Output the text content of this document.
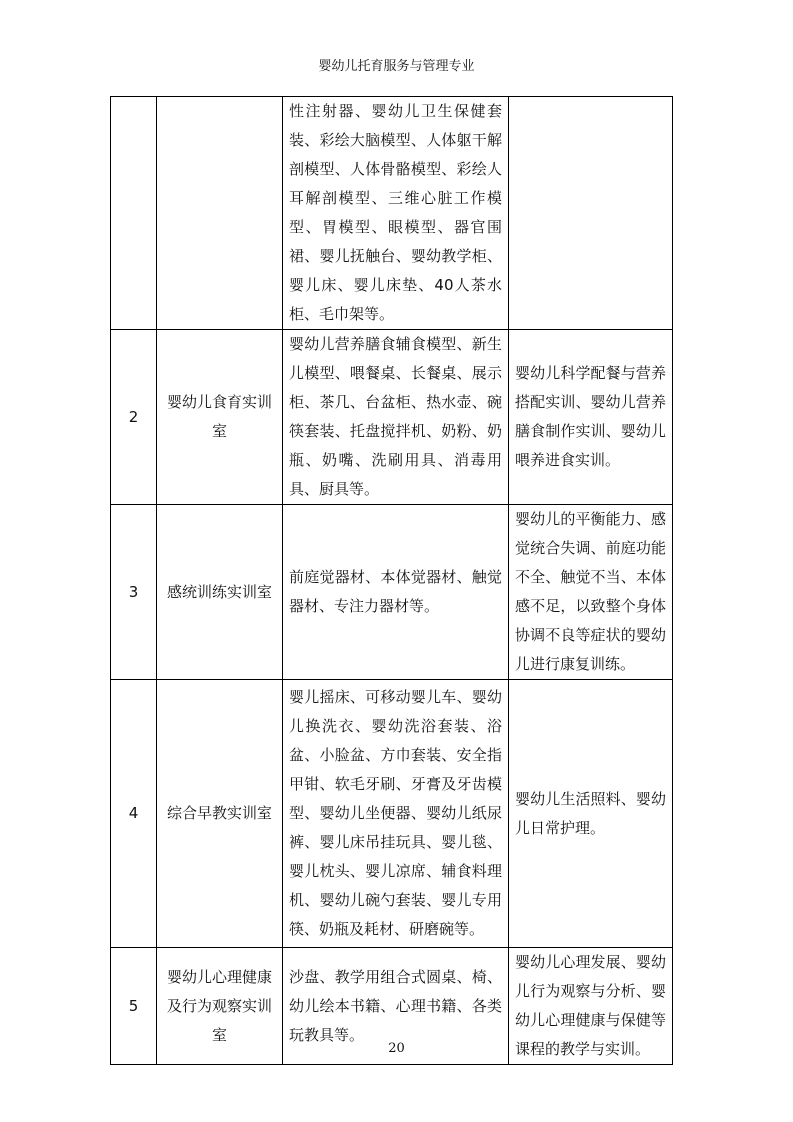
婴幼儿托育服务与管理专业
		性注射器、婴幼儿卫生保健套装、彩绘大脑模型、人体躯干解剖模型、人体骨骼模型、彩绘人耳解剖模型、三维心脏工作模型、胃模型、眼模型、器官围裙、婴儿抚触台、婴幼教学柜、婴儿床、婴儿床垫、40人茶水柜、毛巾架等。	
2	婴幼儿食育实训室	婴幼儿营养膳食辅食模型、新生儿模型、喂餐桌、长餐桌、展示柜、茶几、台盆柜、热水壶、碗筷套装、托盘搅拌机、奶粉、奶瓶、奶嘴、洗刷用具、消毒用具、厨具等。	婴幼儿科学配餐与营养搭配实训、婴幼儿营养膳食制作实训、婴幼儿喂养进食实训。
3	感统训练实训室	前庭觉器材、本体觉器材、触觉器材、专注力器材等。	婴幼儿的平衡能力、感觉统合失调、前庭功能不全、触觉不当、本体感不足，以致整个身体协调不良等症状的婴幼儿进行康复训练。
4	综合早教实训室	婴儿摇床、可移动婴儿车、婴幼儿换洗衣、婴幼洗浴套装、浴盆、小脸盆、方巾套装、安全指甲钳、软毛牙刷、牙膏及牙齿模型、婴幼儿坐便器、婴幼儿纸尿裤、婴儿床吊挂玩具、婴儿毯、婴儿枕头、婴儿凉席、辅食料理机、婴幼儿碗勺套装、婴儿专用筷、奶瓶及耗材、研磨碗等。	婴幼儿生活照料、婴幼儿日常护理。
5	婴幼儿心理健康及行为观察实训室	沙盘、教学用组合式圆桌、椅、幼儿绘本书籍、心理书籍、各类玩教具等。	婴幼儿心理发展、婴幼儿行为观察与分析、婴幼儿心理健康与保健等课程的教学与实训。
20
